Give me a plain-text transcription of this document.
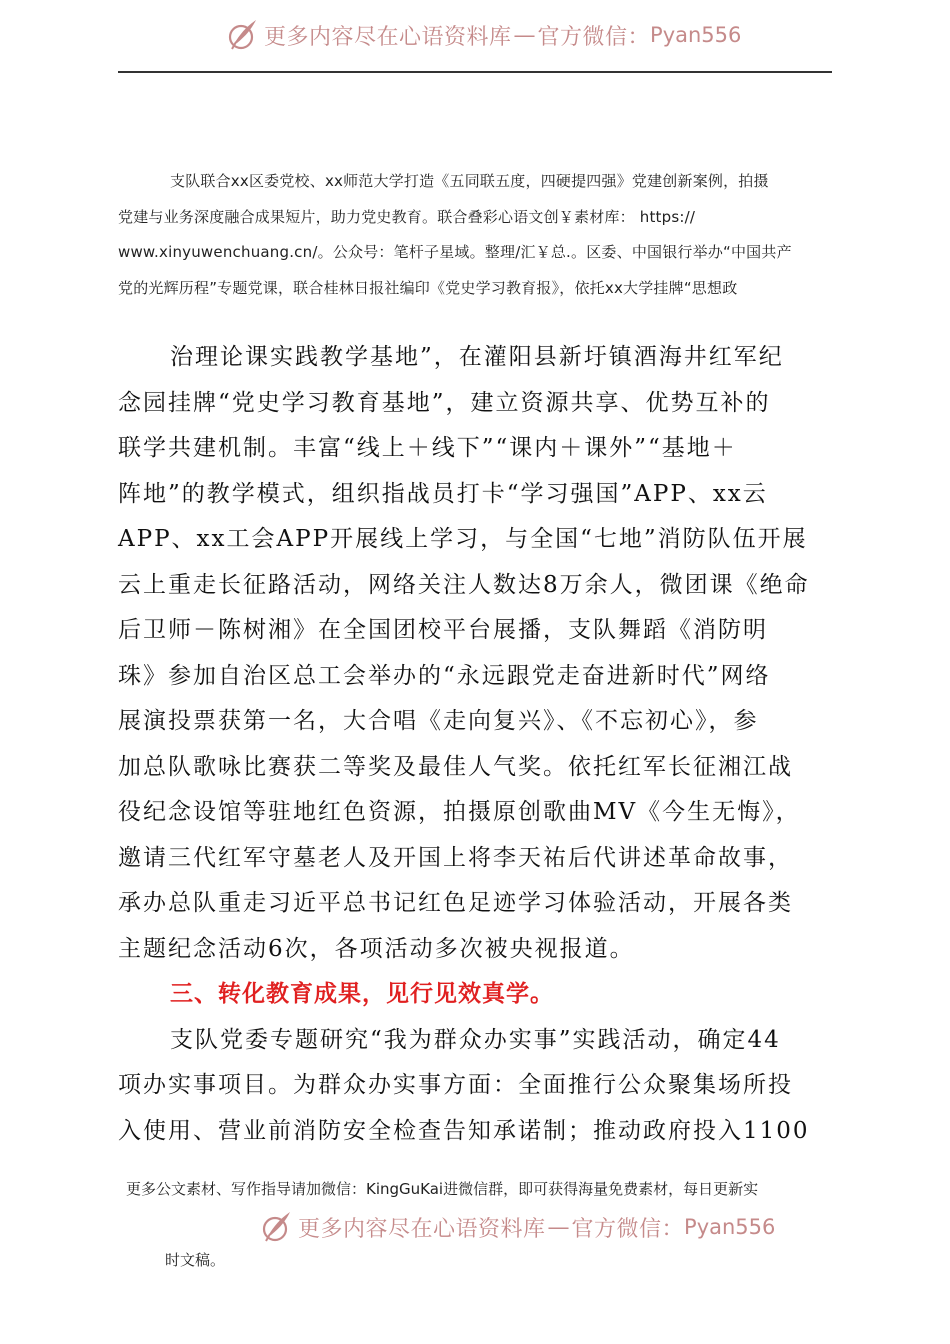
更多内容尽在心语资料库 — 官方微信： Pyan556
支队联合xx区委党校、xx师范大学打造《五同联五度，四硬提四强》党建创新案例，拍摄
党建与业务深度融合成果短片，助力党史教育。联合叠彩心语文创￥素材库： https://
www.xinyuwenchuang.cn/。公众号：笔杆子星域。整理/汇￥总.。区委、中国银行举办“中国共产
党的光辉历程”专题党课，联合桂林日报社编印《党史学习教育报》，依托xx大学挂牌“思想政
治理论课实践教学基地”，在灌阳县新圩镇酒海井红军纪
念园挂牌“党史学习教育基地”，建立资源共享、优势互补的
联学共建机制。丰富“线上＋线下”“课内＋课外”“基地＋
阵地”的教学模式，组织指战员打卡“学习强国”APP、xx云
APP、xx工会APP开展线上学习，与全国“七地”消防队伍开展
云上重走长征路活动，网络关注人数达8万余人，微团课《绝命
后卫师－陈树湘》在全国团校平台展播，支队舞蹈《消防明
珠》参加自治区总工会举办的“永远跟党走奋进新时代”网络
展演投票获第一名，大合唱《走向复兴》、《不忘初心》，参
加总队歌咏比赛获二等奖及最佳人气奖。依托红军长征湘江战
役纪念设馆等驻地红色资源，拍摄原创歌曲MV《今生无悔》，
邀请三代红军守墓老人及开国上将李天祐后代讲述革命故事，
承办总队重走习近平总书记红色足迹学习体验活动，开展各类
主题纪念活动6次，各项活动多次被央视报道。
三、转化教育成果，见行见效真学。
支队党委专题研究“我为群众办实事”实践活动，确定44
项办实事项目。为群众办实事方面：全面推行公众聚集场所投
入使用、营业前消防安全检查告知承诺制；推动政府投入1100
更多公文素材、写作指导请加微信：KingGuKai进微信群，即可获得海量免费素材，每日更新实
更多内容尽在心语资料库 — 官方微信： Pyan556
时文稿。
